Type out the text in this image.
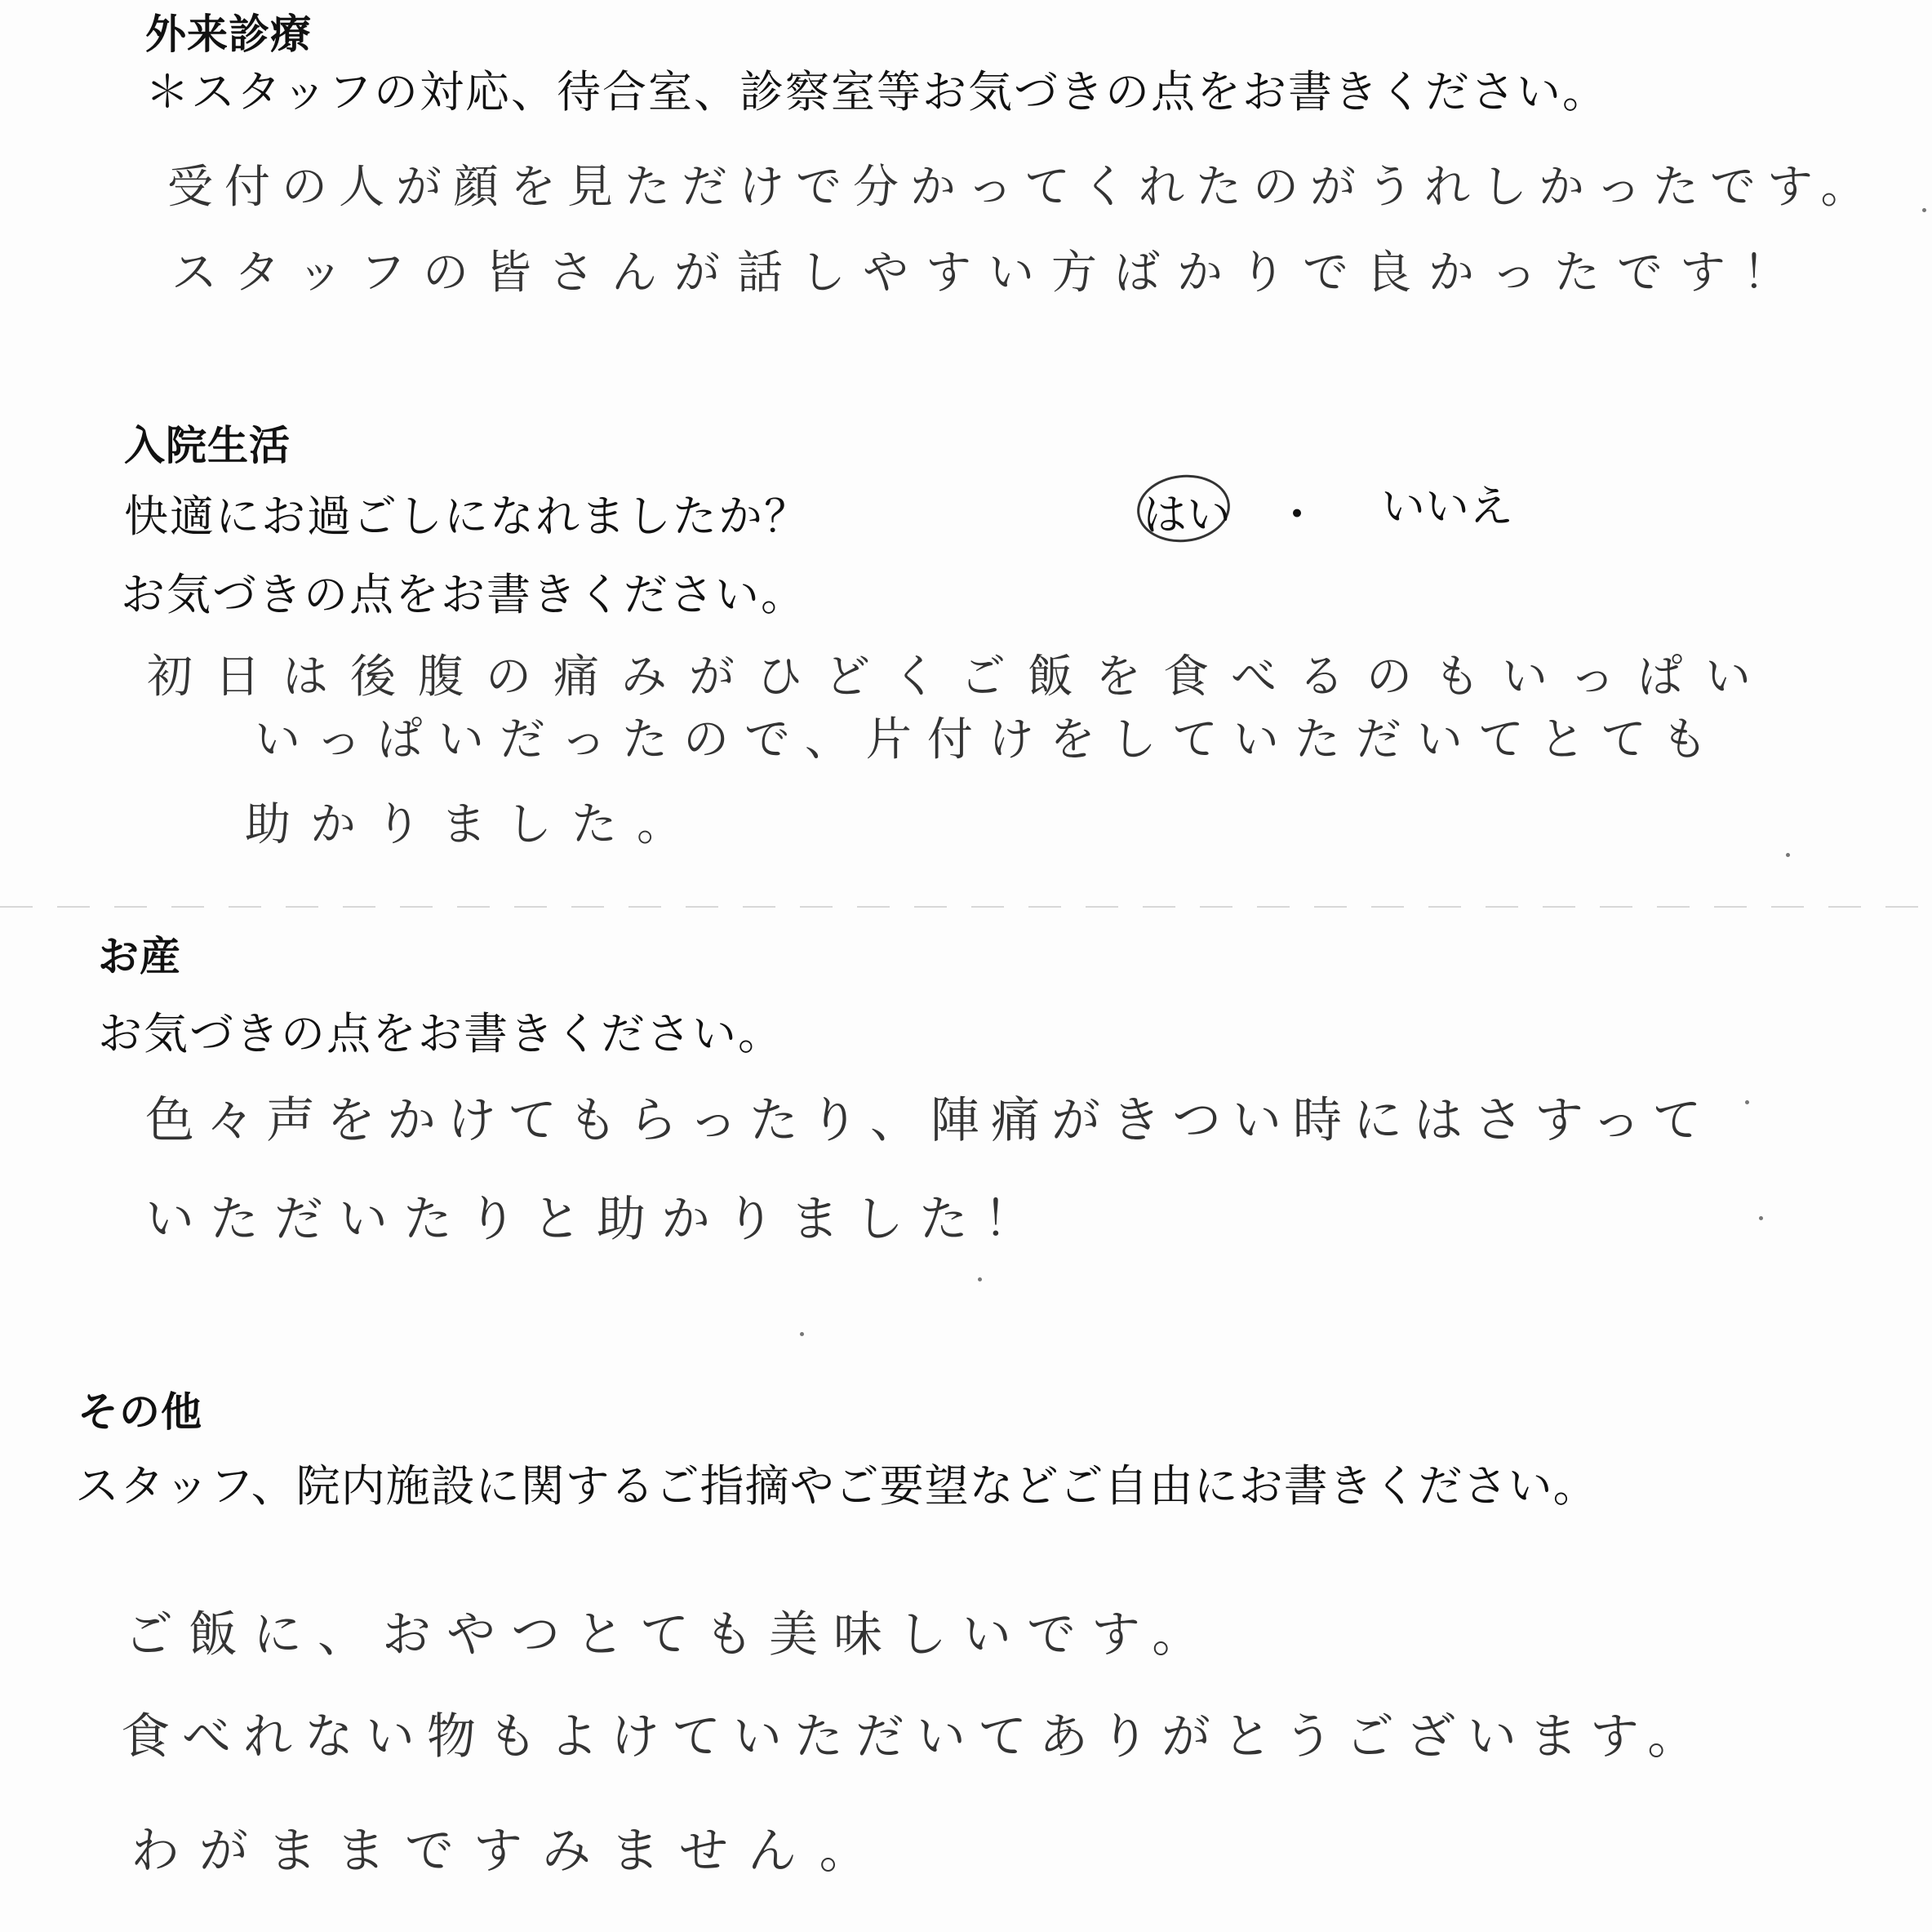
外来診療
＊スタッフの対応、待合室、診察室等お気づきの点をお書きください。
受付の人が顔を見ただけで分かってくれたのがうれしかったです。
スタッフの皆さんが話しやすい方ばかりで良かったです！
入院生活
快適にお過ごしになれましたか？	はい ・ いいえ
お気づきの点をお書きください。
初日は後腹の痛みがひどくご飯を食べるのもいっぱい
いっぱいだったので、片付けをしていただいてとても
助かりました。
お産
お気づきの点をお書きください。
色々声をかけてもらったり、陣痛がきつい時にはさすって
いただいたりと助かりました！
その他
スタッフ、院内施設に関するご指摘やご要望などご自由にお書きください。
ご飯に、おやつとても美味しいです。
食べれない物もよけていただいてありがとうございます。
わがままですみません。
